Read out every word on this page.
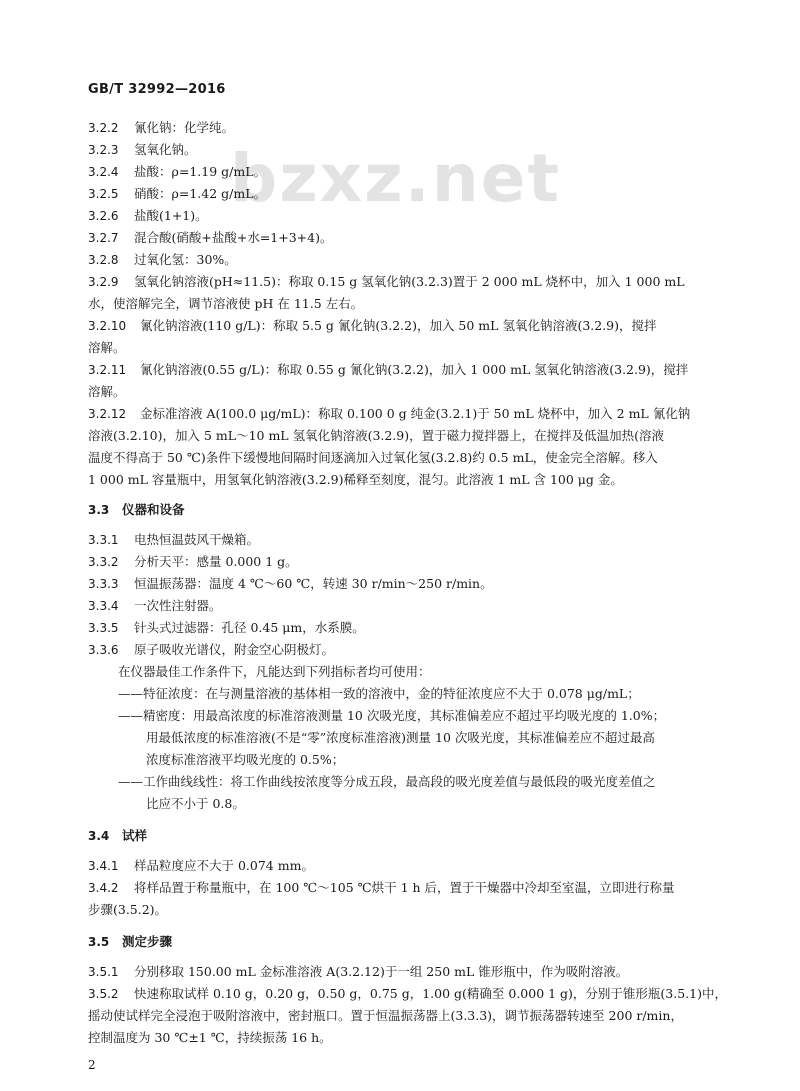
GB/T 32992—2016
bzxz.net
3.2.2 氰化钠：化学纯。
3.2.3 氢氧化钠。
3.2.4 盐酸：ρ=1.19 g/mL。
3.2.5 硝酸：ρ=1.42 g/mL。
3.2.6 盐酸(1+1)。
3.2.7 混合酸(硝酸+盐酸+水=1+3+4)。
3.2.8 过氧化氢：30%。
3.2.9 氢氧化钠溶液(pH≈11.5)：称取 0.15 g 氢氧化钠(3.2.3)置于 2 000 mL 烧杯中，加入 1 000 mL
水，使溶解完全，调节溶液使 pH 在 11.5 左右。
3.2.10 氰化钠溶液(110 g/L)：称取 5.5 g 氰化钠(3.2.2)，加入 50 mL 氢氧化钠溶液(3.2.9)，搅拌
溶解。
3.2.11 氰化钠溶液(0.55 g/L)：称取 0.55 g 氰化钠(3.2.2)，加入 1 000 mL 氢氧化钠溶液(3.2.9)，搅拌
溶解。
3.2.12 金标准溶液 A(100.0 μg/mL)：称取 0.100 0 g 纯金(3.2.1)于 50 mL 烧杯中，加入 2 mL 氰化钠
溶液(3.2.10)，加入 5 mL～10 mL 氢氧化钠溶液(3.2.9)，置于磁力搅拌器上，在搅拌及低温加热(溶液
温度不得高于 50 ℃)条件下缓慢地间隔时间逐滴加入过氧化氢(3.2.8)约 0.5 mL，使金完全溶解。移入
1 000 mL 容量瓶中，用氢氧化钠溶液(3.2.9)稀释至刻度，混匀。此溶液 1 mL 含 100 μg 金。
3.3 仪器和设备
3.3.1 电热恒温鼓风干燥箱。
3.3.2 分析天平：感量 0.000 1 g。
3.3.3 恒温振荡器：温度 4 ℃～60 ℃，转速 30 r/min～250 r/min。
3.3.4 一次性注射器。
3.3.5 针头式过滤器：孔径 0.45 μm，水系膜。
3.3.6 原子吸收光谱仪，附金空心阴极灯。
在仪器最佳工作条件下，凡能达到下列指标者均可使用：
——特征浓度：在与测量溶液的基体相一致的溶液中，金的特征浓度应不大于 0.078 μg/mL；
——精密度：用最高浓度的标准溶液测量 10 次吸光度，其标准偏差应不超过平均吸光度的 1.0%；
用最低浓度的标准溶液(不是“零”浓度标准溶液)测量 10 次吸光度，其标准偏差应不超过最高
浓度标准溶液平均吸光度的 0.5%；
——工作曲线线性：将工作曲线按浓度等分成五段，最高段的吸光度差值与最低段的吸光度差值之
比应不小于 0.8。
3.4 试样
3.4.1 样品粒度应不大于 0.074 mm。
3.4.2 将样品置于称量瓶中，在 100 ℃～105 ℃烘干 1 h 后，置于干燥器中冷却至室温，立即进行称量
步骤(3.5.2)。
3.5 测定步骤
3.5.1 分别移取 150.00 mL 金标准溶液 A(3.2.12)于一组 250 mL 锥形瓶中，作为吸附溶液。
3.5.2 快速称取试样 0.10 g，0.20 g，0.50 g，0.75 g，1.00 g(精确至 0.000 1 g)，分别于锥形瓶(3.5.1)中，
摇动使试样完全浸泡于吸附溶液中，密封瓶口。置于恒温振荡器上(3.3.3)，调节振荡器转速至 200 r/min，
控制温度为 30 ℃±1 ℃，持续振荡 16 h。
2
